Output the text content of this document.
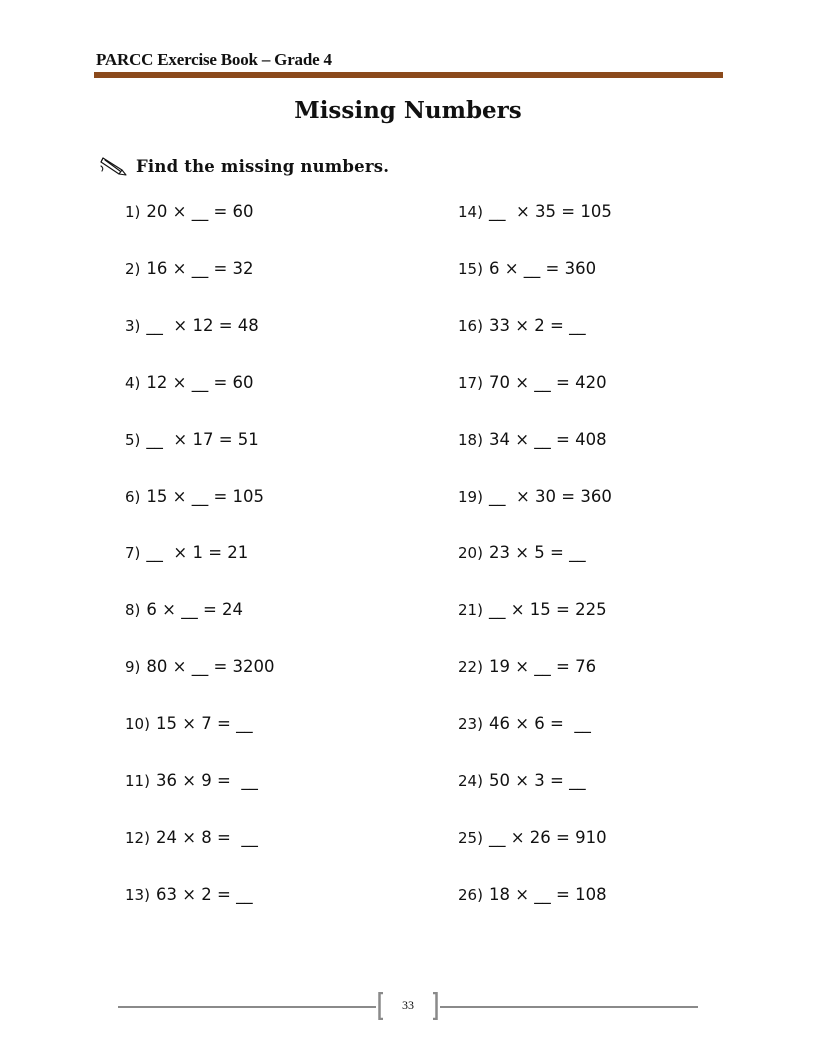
PARCC Exercise Book – Grade 4
Missing Numbers
Find the missing numbers.
1) 20 × __ = 60
2) 16 × __ = 32
3) __  × 12 = 48
4) 12 × __ = 60
5) __  × 17 = 51
6) 15 × __ = 105
7) __  × 1 = 21
8) 6 × __ = 24
9) 80 × __ = 3200
10) 15 × 7 = __
11) 36 × 9 =  __
12) 24 × 8 =  __
13) 63 × 2 = __
14) __  × 35 = 105
15) 6 × __ = 360
16) 33 × 2 = __
17) 70 × __ = 420
18) 34 × __ = 408
19) __  × 30 = 360
20) 23 × 5 = __
21) __ × 15 = 225
22) 19 × __ = 76
23) 46 × 6 =  __
24) 50 × 3 = __
25) __ × 26 = 910
26) 18 × __ = 108
33
